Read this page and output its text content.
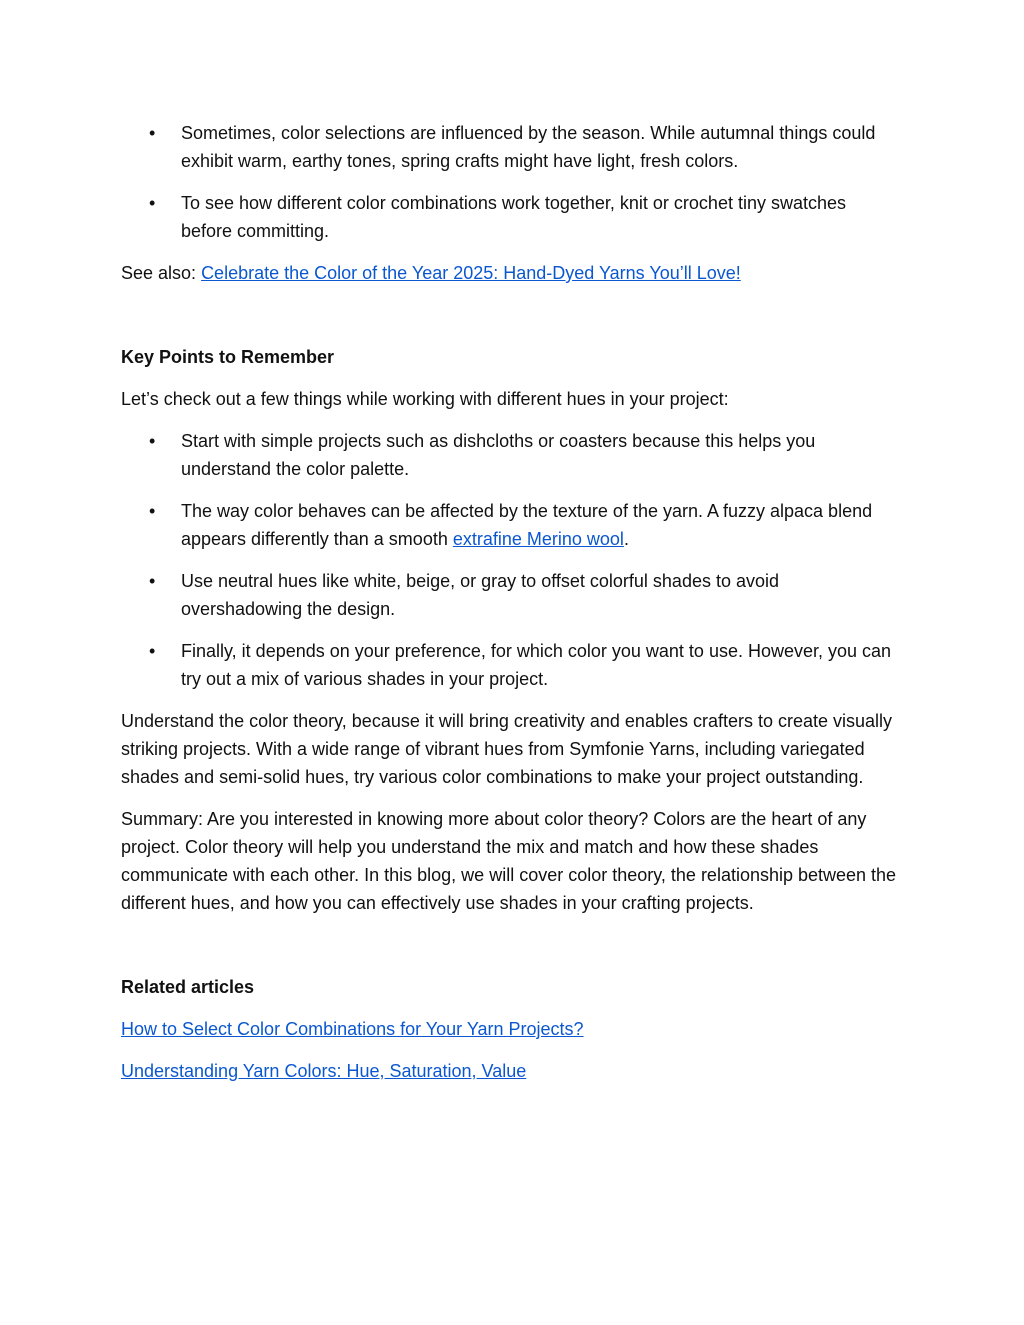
• Sometimes, color selections are influenced by the season. While autumnal things could exhibit warm, earthy tones, spring crafts might have light, fresh colors.
• To see how different color combinations work together, knit or crochet tiny swatches before committing.

See also: Celebrate the Color of the Year 2025: Hand-Dyed Yarns You’ll Love!

Key Points to Remember

Let’s check out a few things while working with different hues in your project:

• Start with simple projects such as dishcloths or coasters because this helps you understand the color palette.
• The way color behaves can be affected by the texture of the yarn. A fuzzy alpaca blend appears differently than a smooth extrafine Merino wool.
• Use neutral hues like white, beige, or gray to offset colorful shades to avoid overshadowing the design.
• Finally, it depends on your preference, for which color you want to use. However, you can try out a mix of various shades in your project.

Understand the color theory, because it will bring creativity and enables crafters to create visually striking projects. With a wide range of vibrant hues from Symfonie Yarns, including variegated shades and semi-solid hues, try various color combinations to make your project outstanding.

Summary: Are you interested in knowing more about color theory? Colors are the heart of any project. Color theory will help you understand the mix and match and how these shades communicate with each other. In this blog, we will cover color theory, the relationship between the different hues, and how you can effectively use shades in your crafting projects.

Related articles

How to Select Color Combinations for Your Yarn Projects?

Understanding Yarn Colors: Hue, Saturation, Value
